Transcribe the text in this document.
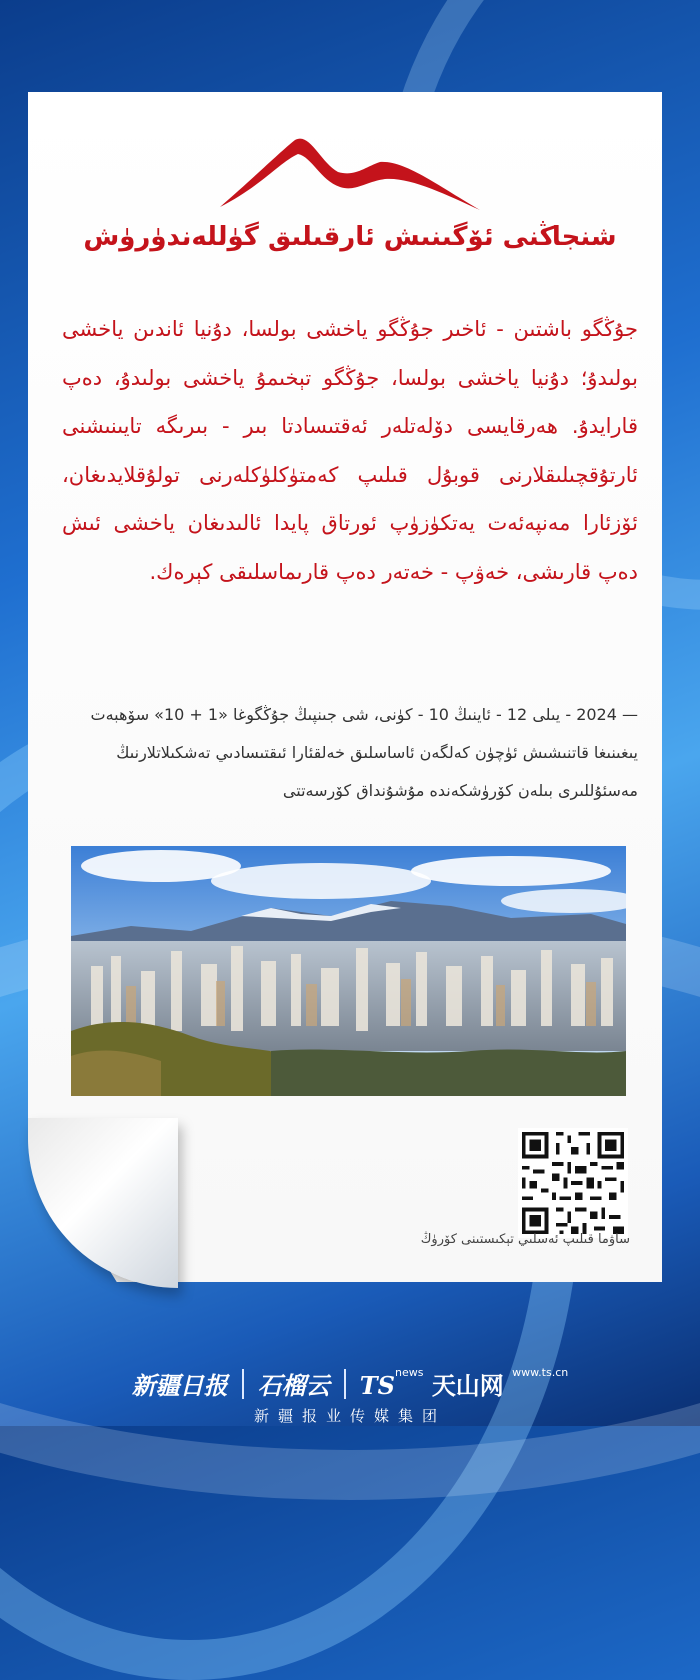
شنجاڭنى ئۆگىنىش ئارقىلىق گۈللەندۈرۈش
جۇڭگو باشتىن - ئاخىر جۇڭگو ياخشى بولسا، دۇنيا ئاندىن ياخشى بولىدۇ؛ دۇنيا ياخشى بولسا، جۇڭگو تېخىمۇ ياخشى بولىدۇ، دەپ قارايدۇ. ھەرقايسى دۆلەتلەر ئەقتىسادتا بىر - بىرىگە تايىنىشنى ئارتۇقچىلىقلارنى قوبۇل قىلىپ كەمتۈكلۈكلەرنى تولۇقلايدىغان، ئۆزئارا مەنپەئەت يەتكۈزۈپ ئورتاق پايدا ئالىدىغان ياخشى ئىش دەپ قارىشى، خەۋپ - خەتەر دەپ قارىماسلىقى كېرەك.
— 2024 - يىلى 12 - ئاينىڭ 10 - كۈنى، شى جىنپىڭ جۇڭگوغا «1 + 10» سۆھبەت يىغىنىغا قاتنىشىش ئۈچۈن كەلگەن ئاساسلىق خەلقئارا ئىقتىسادىي تەشكىلاتلارنىڭ مەسئۇللىرى بىلەن كۆرۈشكەندە مۇشۇنداق كۆرسەتتى
ساۋما قىلىپ ئەسلىي تېكىستىنى كۆرۈڭ
新疆日报 石榴云 $TS^{news}$ 天山网 $^{www.ts.cn}$
新疆报业传媒集团
